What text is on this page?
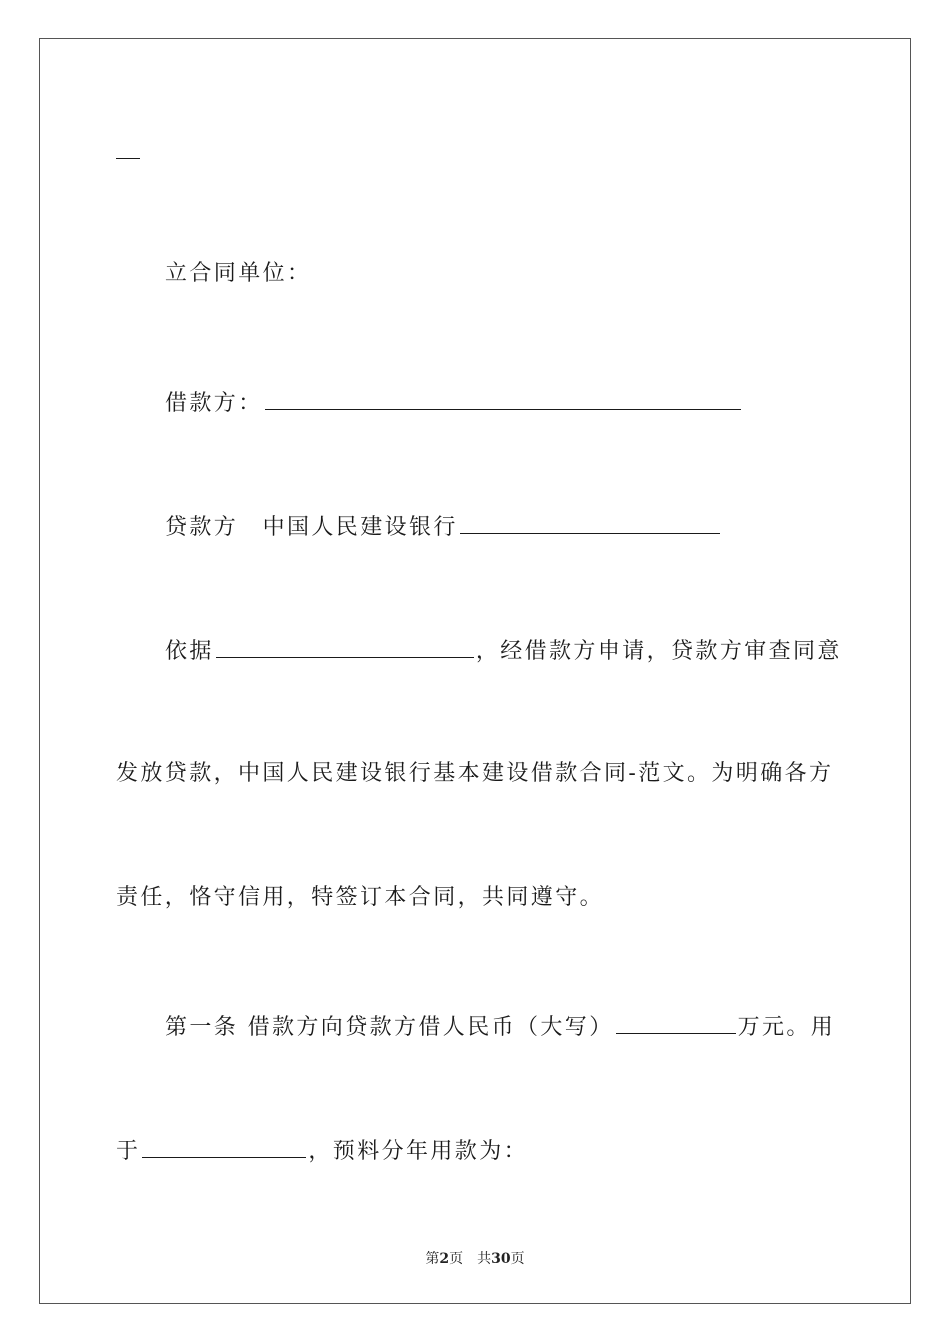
立合同单位：
借款方：
贷款方　中国人民建设银行
依据	，经借款方申请，贷款方审查同意
发放贷款，中国人民建设银行基本建设借款合同-范文。为明确各方
责任，恪守信用，特签订本合同，共同遵守。
第一条 借款方向贷款方借人民币（大写）	万元。用
于	，预料分年用款为：
第2页 共30页
